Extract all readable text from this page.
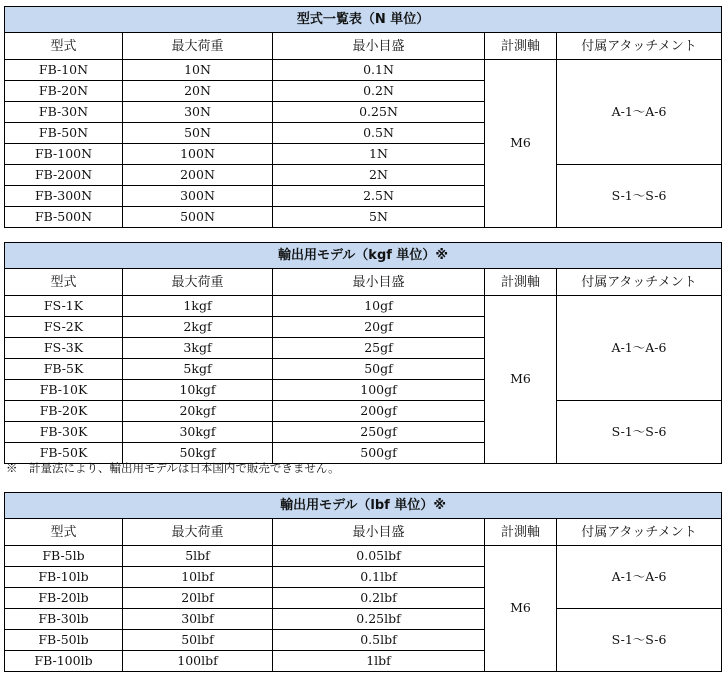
型式一覧表（N 単位）				
型式	最大荷重	最小目盛	計測軸	付属アタッチメント
FB-10N	10N	0.1N	M6	A-1～A-6
FB-20N	20N	0.2N		
FB-30N	30N	0.25N		
FB-50N	50N	0.5N		
FB-100N	100N	1N		
FB-200N	200N	2N		S-1～S-6
FB-300N	300N	2.5N		
FB-500N	500N	5N		
輸出用モデル（kgf 単位）※				
型式	最大荷重	最小目盛	計測軸	付属アタッチメント
FS-1K	1kgf	10gf	M6	A-1～A-6
FS-2K	2kgf	20gf		
FS-3K	3kgf	25gf		
FB-5K	5kgf	50gf		
FB-10K	10kgf	100gf		
FB-20K	20kgf	200gf		S-1～S-6
FB-30K	30kgf	250gf		
FB-50K	50kgf	500gf		
※　計量法により、輸出用モデルは日本国内で販売できません。
輸出用モデル（lbf 単位）※				
型式	最大荷重	最小目盛	計測軸	付属アタッチメント
FB-5lb	5lbf	0.05lbf	M6	A-1～A-6
FB-10lb	10lbf	0.1lbf		
FB-20lb	20lbf	0.2lbf		
FB-30lb	30lbf	0.25lbf		S-1～S-6
FB-50lb	50lbf	0.5lbf		
FB-100lb	100lbf	1lbf		
